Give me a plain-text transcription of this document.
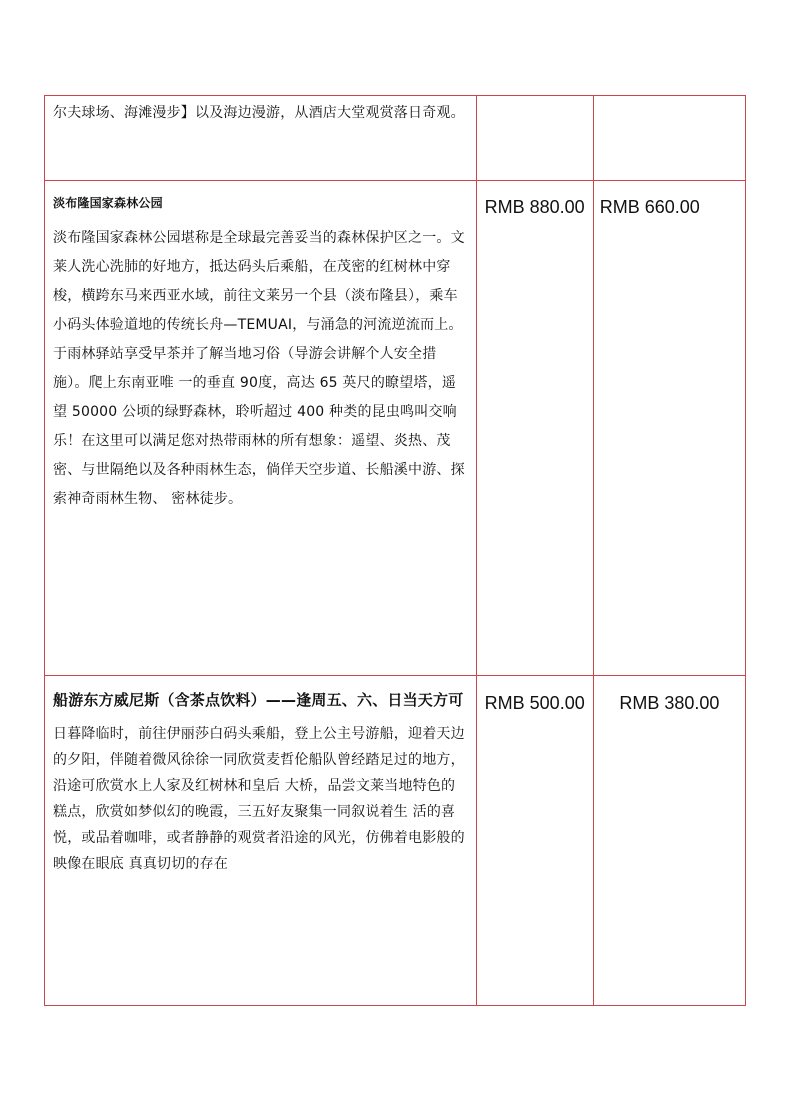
尔夫球场、海滩漫步】以及海边漫游，从酒店大堂观赏落日奇观。		

淡布隆国家森林公园
淡布隆国家森林公园堪称是全球最完善妥当的森林保护区之一。文莱人洗心洗肺的好地方，抵达码头后乘船，在茂密的红树林中穿梭，横跨东马来西亚水域，前往文莱另一个县（淡布隆县），乘车小码头体验道地的传统长舟—TEMUAI，与涌急的河流逆流而上。于雨林驿站享受早茶并了解当地习俗（导游会讲解个人安全措施）。爬上东南亚唯 一的垂直 90度，高达 65 英尺的瞭望塔，遥望 50000 公顷的绿野森林，聆听超过 400 种类的昆虫鸣叫交响乐！在这里可以满足您对热带雨林的所有想象：遥望、炎热、茂密、与世隔绝以及各种雨林生态，倘佯天空步道、长船溪中游、探索神奇雨林生物、 密林徒步。	RMB 880.00	RMB 660.00

船游东方威尼斯（含茶点饮料）——逢周五、六、日当天方可
日暮降临时，前往伊丽莎白码头乘船，登上公主号游船，迎着天边的夕阳，伴随着微风徐徐一同欣赏麦哲伦船队曾经踏足过的地方，沿途可欣赏水上人家及红树林和皇后 大桥，品尝文莱当地特色的糕点，欣赏如梦似幻的晚霞，三五好友聚集一同叙说着生 活的喜悦，或品着咖啡，或者静静的观赏者沿途的风光，仿佛着电影般的映像在眼底 真真切切的存在	RMB 500.00	RMB 380.00
